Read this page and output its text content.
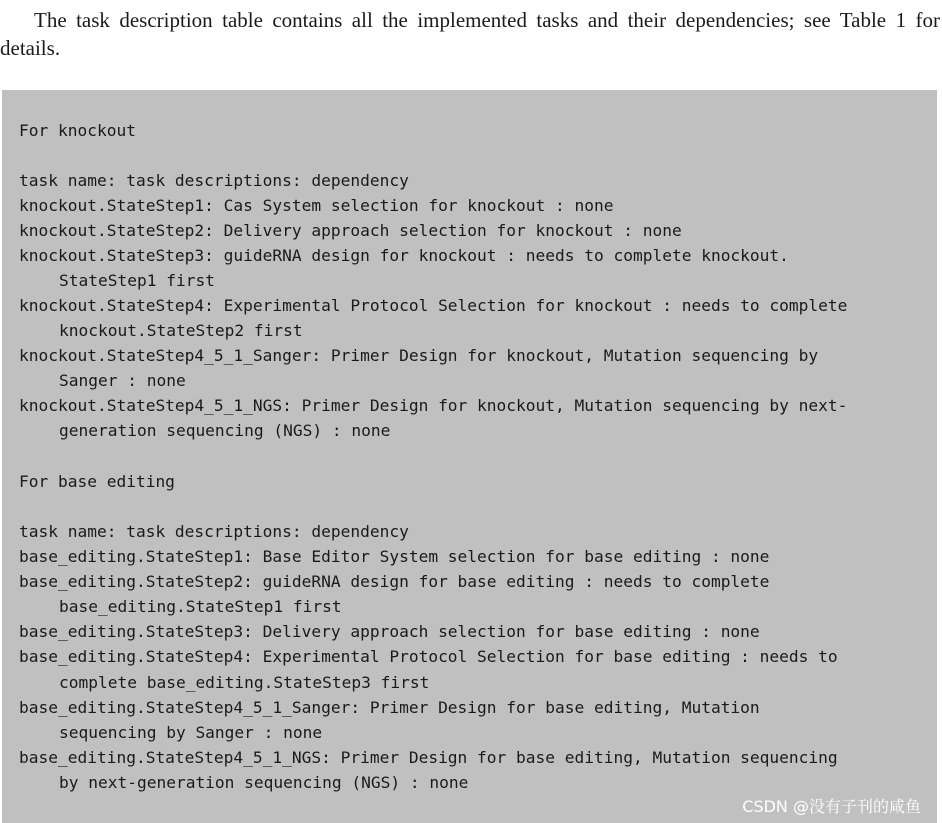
The task description table contains all the implemented tasks and their dependencies; see Table 1 for details.

For knockout
task name: task descriptions: dependency
knockout.StateStep1: Cas System selection for knockout : none
knockout.StateStep2: Delivery approach selection for knockout : none
knockout.StateStep3: guideRNA design for knockout : needs to complete knockout.
StateStep1 first
knockout.StateStep4: Experimental Protocol Selection for knockout : needs to complete
knockout.StateStep2 first
knockout.StateStep4_5_1_Sanger: Primer Design for knockout, Mutation sequencing by
Sanger : none
knockout.StateStep4_5_1_NGS: Primer Design for knockout, Mutation sequencing by next-
generation sequencing (NGS) : none
For base editing
task name: task descriptions: dependency
base_editing.StateStep1: Base Editor System selection for base editing : none
base_editing.StateStep2: guideRNA design for base editing : needs to complete
base_editing.StateStep1 first
base_editing.StateStep3: Delivery approach selection for base editing : none
base_editing.StateStep4: Experimental Protocol Selection for base editing : needs to
complete base_editing.StateStep3 first
base_editing.StateStep4_5_1_Sanger: Primer Design for base editing, Mutation
sequencing by Sanger : none
base_editing.StateStep4_5_1_NGS: Primer Design for base editing, Mutation sequencing
by next-generation sequencing (NGS) : none
CSDN @没有子刊的咸鱼
